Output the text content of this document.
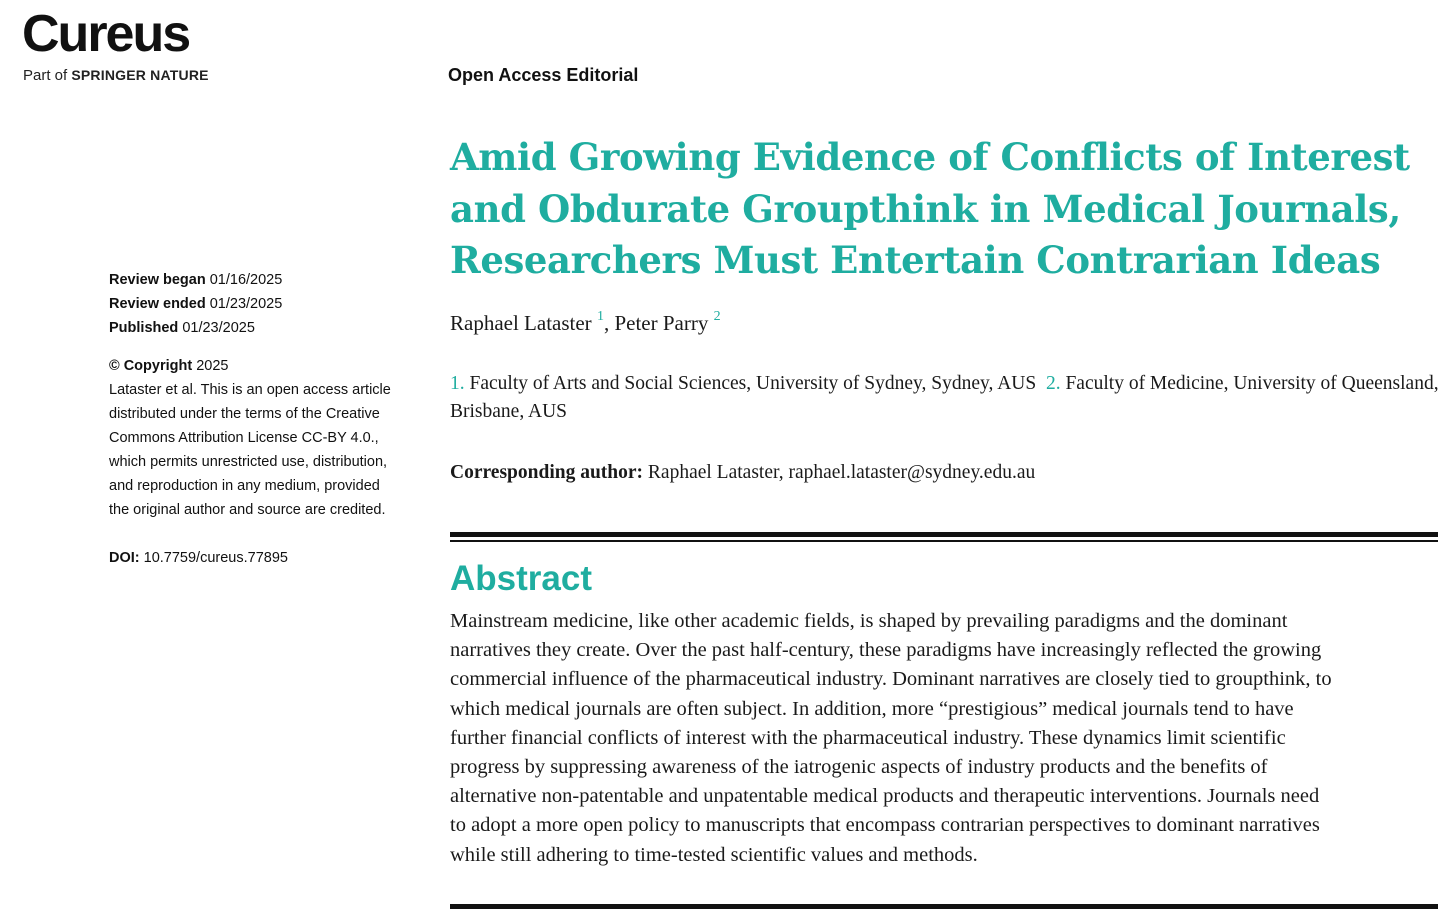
Cureus
Part of SPRINGER NATURE	Open Access Editorial
Amid Growing Evidence of Conflicts of Interest
and Obdurate Groupthink in Medical Journals,
Researchers Must Entertain Contrarian Ideas
Raphael Lataster $^1$, Peter Parry $^2$
1. Faculty of Arts and Social Sciences, University of Sydney, Sydney, AUS 2. Faculty of Medicine, University of Queensland, Brisbane, AUS
Corresponding author: Raphael Lataster, raphael.lataster@sydney.edu.au
Abstract

Mainstream medicine, like other academic fields, is shaped by prevailing paradigms and the dominant
narratives they create. Over the past half-century, these paradigms have increasingly reflected the growing
commercial influence of the pharmaceutical industry. Dominant narratives are closely tied to groupthink, to
which medical journals are often subject. In addition, more “prestigious” medical journals tend to have
further financial conflicts of interest with the pharmaceutical industry. These dynamics limit scientific
progress by suppressing awareness of the iatrogenic aspects of industry products and the benefits of
alternative non-patentable and unpatentable medical products and therapeutic interventions. Journals need
to adopt a more open policy to manuscripts that encompass contrarian perspectives to dominant narratives
while still adhering to time-tested scientific values and methods.

Review began 01/16/2025
Review ended 01/23/2025
Published 01/23/2025
© Copyright 2025
Lataster et al. This is an open access article
distributed under the terms of the Creative
Commons Attribution License CC-BY 4.0.,
which permits unrestricted use, distribution,
and reproduction in any medium, provided
the original author and source are credited.
DOI: 10.7759/cureus.77895
